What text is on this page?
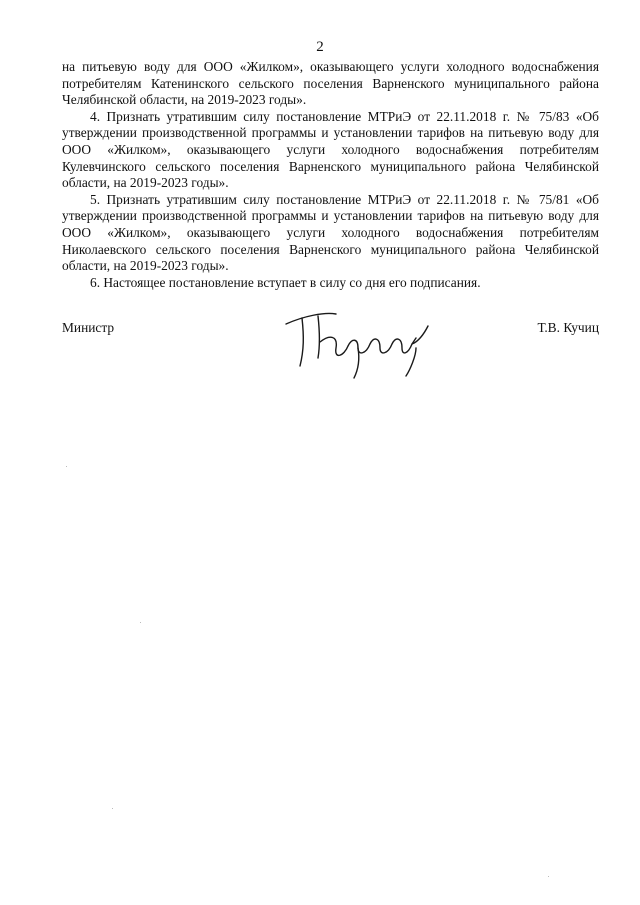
2

на питьевую воду для ООО «Жилком», оказывающего услуги холодного водоснабжения потребителям Катенинского сельского поселения Варненского муниципального района Челябинской области, на 2019-2023 годы».

4. Признать утратившим силу постановление МТРиЭ от 22.11.2018 г. № 75/83 «Об утверждении производственной программы и установлении тарифов на питьевую воду для ООО «Жилком», оказывающего услуги холодного водоснабжения потребителям Кулевчинского сельского поселения Варненского муниципального района Челябинской области, на 2019-2023 годы».

5. Признать утратившим силу постановление МТРиЭ от 22.11.2018 г. № 75/81 «Об утверждении производственной программы и установлении тарифов на питьевую воду для ООО «Жилком», оказывающего услуги холодного водоснабжения потребителям Николаевского сельского поселения Варненского муниципального района Челябинской области, на 2019-2023 годы».

6. Настоящее постановление вступает в силу со дня его подписания.

Министр	Т.В. Кучиц
